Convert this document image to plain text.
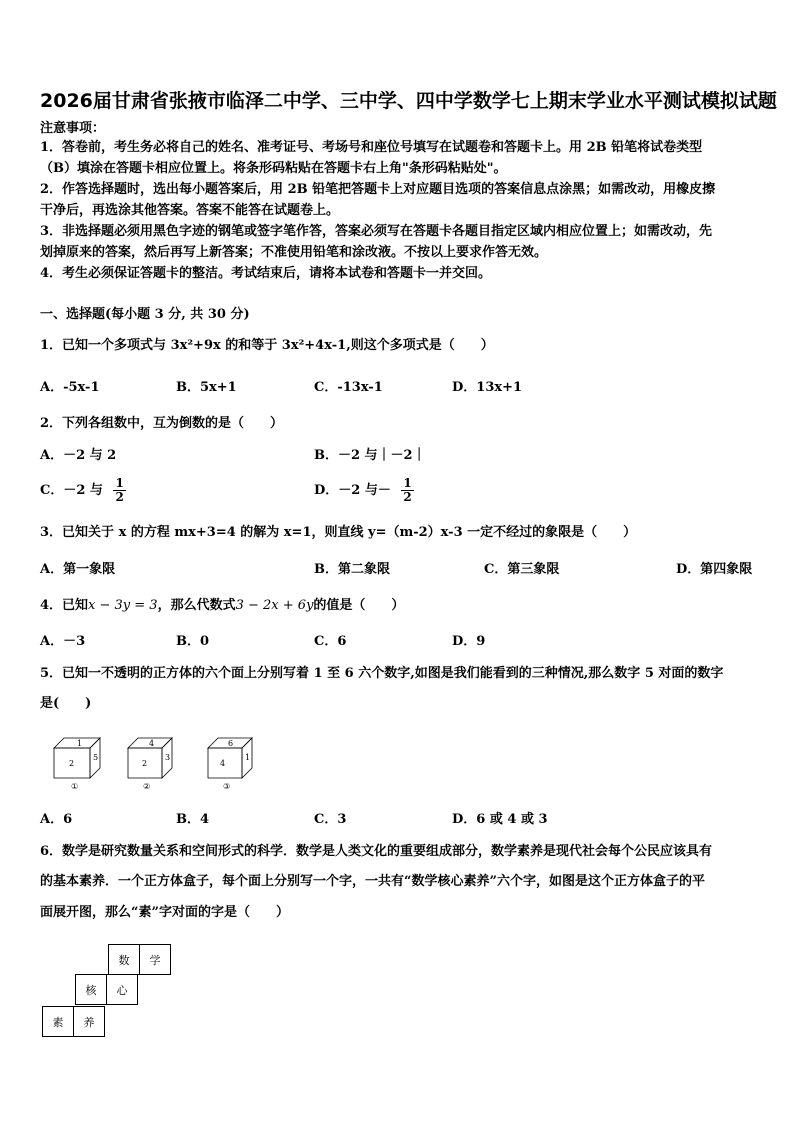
2026届甘肃省张掖市临泽二中学、三中学、四中学数学七上期末学业水平测试模拟试题
注意事项：
1．答卷前，考生务必将自己的姓名、准考证号、考场号和座位号填写在试题卷和答题卡上。用 2B 铅笔将试卷类型
（B）填涂在答题卡相应位置上。将条形码粘贴在答题卡右上角"条形码粘贴处"。
2．作答选择题时，选出每小题答案后，用 2B 铅笔把答题卡上对应题目选项的答案信息点涂黑；如需改动，用橡皮擦
干净后，再选涂其他答案。答案不能答在试题卷上。
3．非选择题必须用黑色字迹的钢笔或签字笔作答，答案必须写在答题卡各题目指定区域内相应位置上；如需改动，先
划掉原来的答案，然后再写上新答案；不准使用铅笔和涂改液。不按以上要求作答无效。
4．考生必须保证答题卡的整洁。考试结束后，请将本试卷和答题卡一并交回。
一、选择题(每小题 3 分, 共 30 分)
1．已知一个多项式与 3x²+9x 的和等于 3x²+4x-1,则这个多项式是（　　）
A．-5x-1	B．5x+1	C．-13x-1	D．13x+1
2．下列各组数中，互为倒数的是（　　）
A．－2 与 2	B．－2 与｜－2｜
C．－2 与 $\frac{1}{2}$	D．－2 与－ $\frac{1}{2}$
3．已知关于 x 的方程 mx+3=4 的解为 x=1，则直线 y=（m-2）x-3 一定不经过的象限是（　　）
A．第一象限	B．第二象限	C．第三象限	D．第四象限
4．已知x − 3y = 3，那么代数式3 − 2x + 6y的值是（　　）
A．－3	B．0	C．6	D．9
5．已知一不透明的正方体的六个面上分别写着 1 至 6 六个数字,如图是我们能看到的三种情况,那么数字 5 对面的数字
是(　　)
1
2
5
①
4
2
3
②
6
4
1
③
A．6	B．4	C．3	D．6 或 4 或 3
6．数学是研究数量关系和空间形式的科学．数学是人类文化的重要组成部分，数学素养是现代社会每个公民应该具有
的基本素养．一个正方体盒子，每个面上分别写一个字，一共有“数学核心素养”六个字，如图是这个正方体盒子的平
面展开图，那么“素”字对面的字是（　　）
数	学
核	心
素	养
